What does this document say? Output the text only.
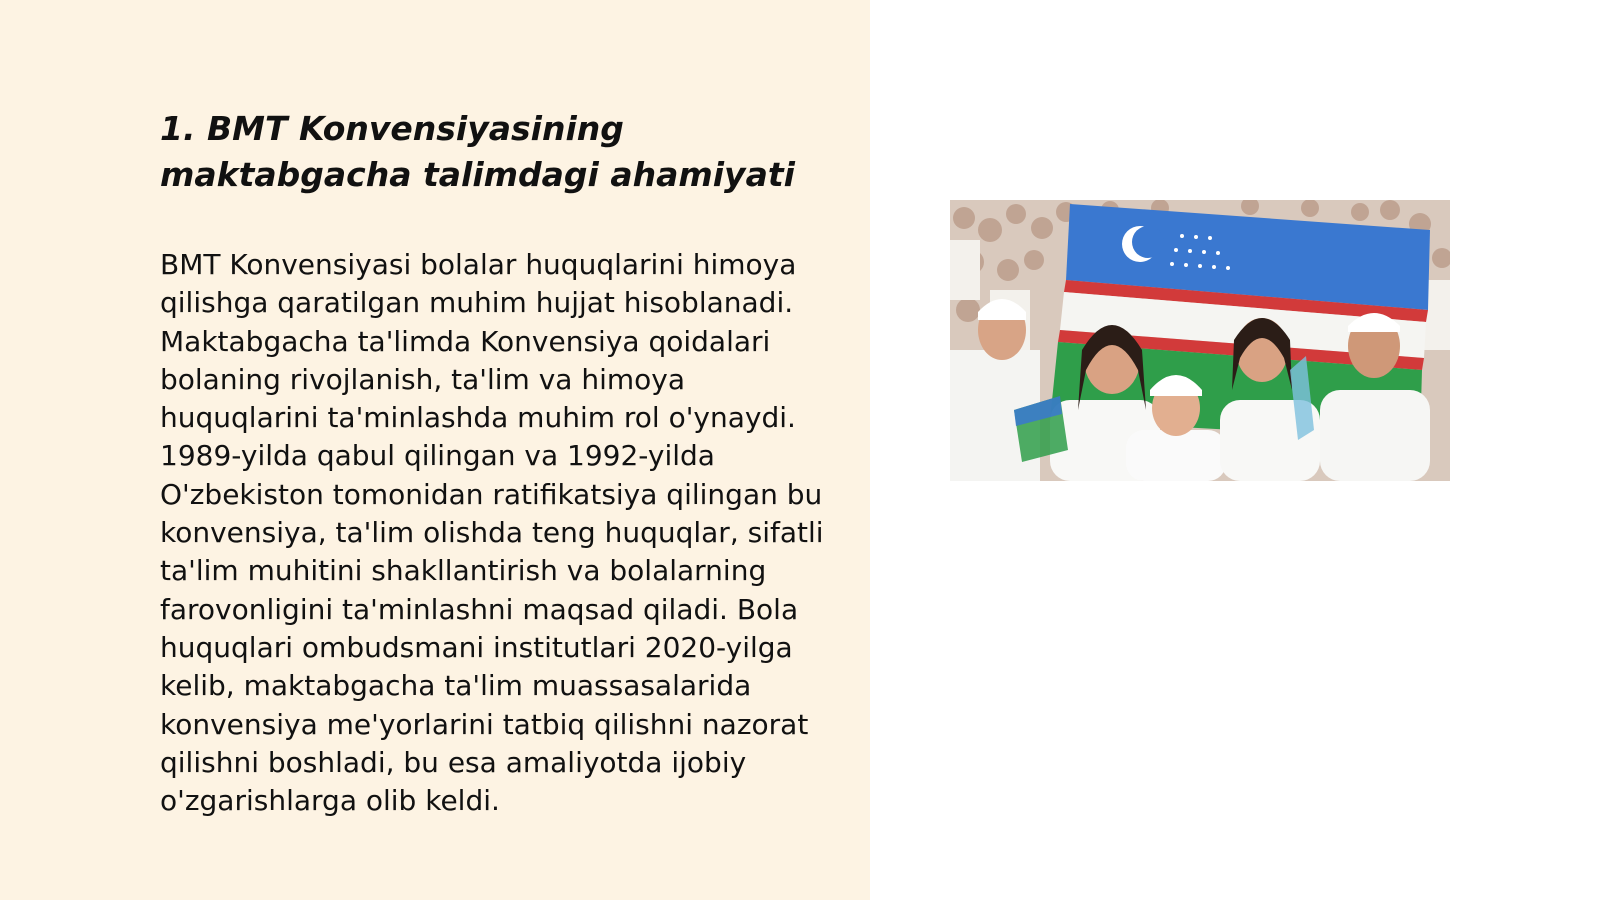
1. BMT Konvensiyasining
maktabgacha talimdagi ahamiyati

BMT Konvensiyasi bolalar huquqlarini himoya qilishga qaratilgan muhim hujjat hisoblanadi. Maktabgacha ta'limda Konvensiya qoidalari bolaning rivojlanish, ta'lim va himoya huquqlarini ta'minlashda muhim rol o'ynaydi. 1989-yilda qabul qilingan va 1992-yilda O'zbekiston tomonidan ratifikatsiya qilingan bu konvensiya, ta'lim olishda teng huquqlar, sifatli ta'lim muhitini shakllantirish va bolalarning farovonligini ta'minlashni maqsad qiladi. Bola huquqlari ombudsmani institutlari 2020-yilga kelib, maktabgacha ta'lim muassasalarida konvensiya me'yorlarini tatbiq qilishni nazorat qilishni boshladi, bu esa amaliyotda ijobiy o'zgarishlarga olib keldi.
